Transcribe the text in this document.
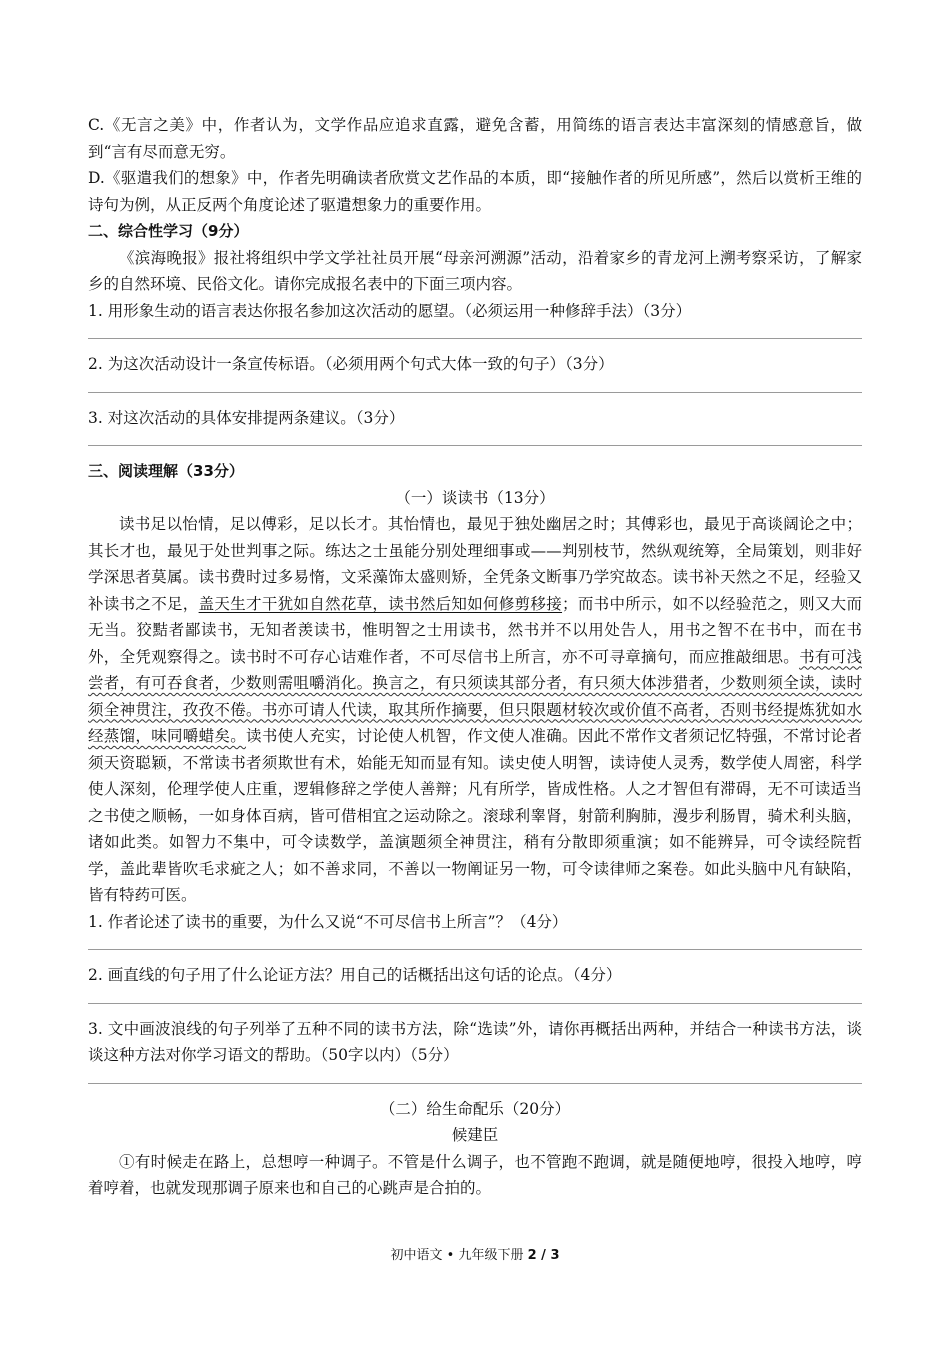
C.《无言之美》中，作者认为，文学作品应追求直露，避免含蓄，用简练的语言表达丰富深刻的情感意旨，做到“言有尽而意无穷。

D.《驱遣我们的想象》中，作者先明确读者欣赏文艺作品的本质，即“接触作者的所见所感”，然后以赏析王维的诗句为例，从正反两个角度论述了驱遣想象力的重要作用。

二、综合性学习（9分）

《滨海晚报》报社将组织中学文学社社员开展“母亲河溯源”活动，沿着家乡的青龙河上溯考察采访，了解家乡的自然环境、民俗文化。请你完成报名表中的下面三项内容。

1. 用形象生动的语言表达你报名参加这次活动的愿望。（必须运用一种修辞手法）（3分）

2. 为这次活动设计一条宣传标语。（必须用两个句式大体一致的句子）（3分）

3. 对这次活动的具体安排提两条建议。（3分）

三、阅读理解（33分）

（一）谈读书（13分）

读书足以怡情，足以傅彩，足以长才。其怡情也，最见于独处幽居之时；其傅彩也，最见于高谈阔论之中；其长才也，最见于处世判事之际。练达之士虽能分别处理细事或——判别枝节，然纵观统筹，全局策划，则非好学深思者莫属。读书费时过多易惰，文采藻饰太盛则矫，全凭条文断事乃学究故态。读书补天然之不足，经验又补读书之不足，盖天生才干犹如自然花草，读书然后知如何修剪移接；而书中所示，如不以经验范之，则又大而无当。狡黠者鄙读书，无知者羡读书，惟明智之士用读书，然书并不以用处告人，用书之智不在书中，而在书外，全凭观察得之。读书时不可存心诘难作者，不可尽信书上所言，亦不可寻章摘句，而应推敲细思。书有可浅尝者，有可吞食者，少数则需咀嚼消化。换言之，有只须读其部分者，有只须大体涉猎者，少数则须全读，读时须全神贯注，孜孜不倦。书亦可请人代读，取其所作摘要，但只限题材较次或价值不高者，否则书经提炼犹如水经蒸馏，味同嚼蜡矣。读书使人充实，讨论使人机智，作文使人准确。因此不常作文者须记忆特强，不常讨论者须天资聪颖，不常读书者须欺世有术，始能无知而显有知。读史使人明智，读诗使人灵秀，数学使人周密，科学使人深刻，伦理学使人庄重，逻辑修辞之学使人善辩；凡有所学，皆成性格。人之才智但有滞碍，无不可读适当之书使之顺畅，一如身体百病，皆可借相宜之运动除之。滚球利睾肾，射箭利胸肺，漫步利肠胃，骑术利头脑，诸如此类。如智力不集中，可令读数学，盖演题须全神贯注，稍有分散即须重演；如不能辨异，可令读经院哲学，盖此辈皆吹毛求疵之人；如不善求同，不善以一物阐证另一物，可令读律师之案卷。如此头脑中凡有缺陷，皆有特药可医。

1. 作者论述了读书的重要，为什么又说“不可尽信书上所言”？（4分）

2. 画直线的句子用了什么论证方法？用自己的话概括出这句话的论点。（4分）

3. 文中画波浪线的句子列举了五种不同的读书方法，除“选读”外，请你再概括出两种，并结合一种读书方法，谈谈这种方法对你学习语文的帮助。（50字以内）（5分）

（二）给生命配乐（20分）

候建臣

①有时候走在路上，总想哼一种调子。不管是什么调子，也不管跑不跑调，就是随便地哼，很投入地哼，哼着哼着，也就发现那调子原来也和自己的心跳声是合拍的。

初中语文 • 九年级下册 2 / 3
